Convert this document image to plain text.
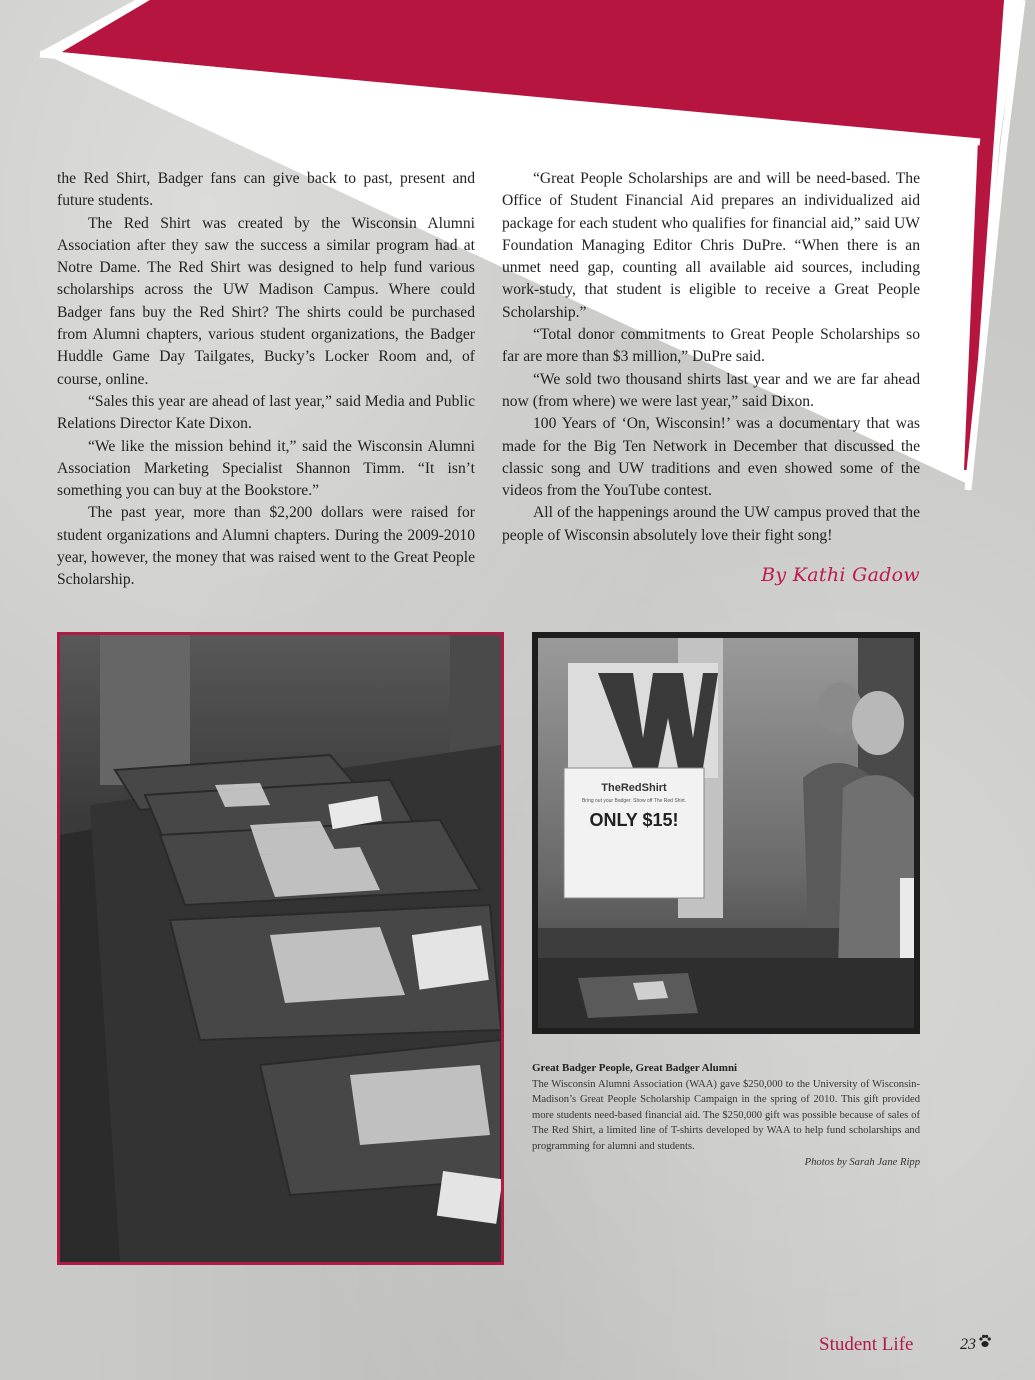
the Red Shirt, Badger fans can give back to past, present and future students.

The Red Shirt was created by the Wisconsin Alumni Association after they saw the success a similar program had at Notre Dame. The Red Shirt was designed to help fund various scholarships across the UW Madison Campus. Where could Badger fans buy the Red Shirt? The shirts could be purchased from Alumni chapters, various student organizations, the Badger Huddle Game Day Tailgates, Bucky’s Locker Room and, of course, online.

“Sales this year are ahead of last year,” said Media and Public Relations Director Kate Dixon.

“We like the mission behind it,” said the Wisconsin Alumni Association Marketing Specialist Shannon Timm. “It isn’t something you can buy at the Bookstore.”

The past year, more than $2,200 dollars were raised for student organizations and Alumni chapters. During the 2009-2010 year, however, the money that was raised went to the Great People Scholarship.

“Great People Scholarships are and will be need-based. The Office of Student Financial Aid prepares an individualized aid package for each student who qualifies for financial aid,” said UW Foundation Managing Editor Chris DuPre. “When there is an unmet need gap, counting all available aid sources, including work-study, that student is eligible to receive a Great People Scholarship.”

“Total donor commitments to Great People Scholarships so far are more than $3 million,” DuPre said.

“We sold two thousand shirts last year and we are far ahead now (from where) we were last year,” said Dixon.

100 Years of ‘On, Wisconsin!’ was a documentary that was made for the Big Ten Network in December that discussed the classic song and UW traditions and even showed some of the videos from the YouTube contest.

All of the happenings around the UW campus proved that the people of Wisconsin absolutely love their fight song!

By Kathi Gadow
TheRedShirt
Bring out your Badger. Show off The Red Shirt.
ONLY $15!
Great Badger People, Great Badger Alumni
The Wisconsin Alumni Association (WAA) gave $250,000 to the University of Wisconsin-Madison’s Great People Scholarship Campaign in the spring of 2010. This gift provided more students need-based financial aid. The $250,000 gift was possible because of sales of The Red Shirt, a limited line of T-shirts developed by WAA to help fund scholarships and programming for alumni and students.
Photos by Sarah Jane Ripp
Student Life	23
